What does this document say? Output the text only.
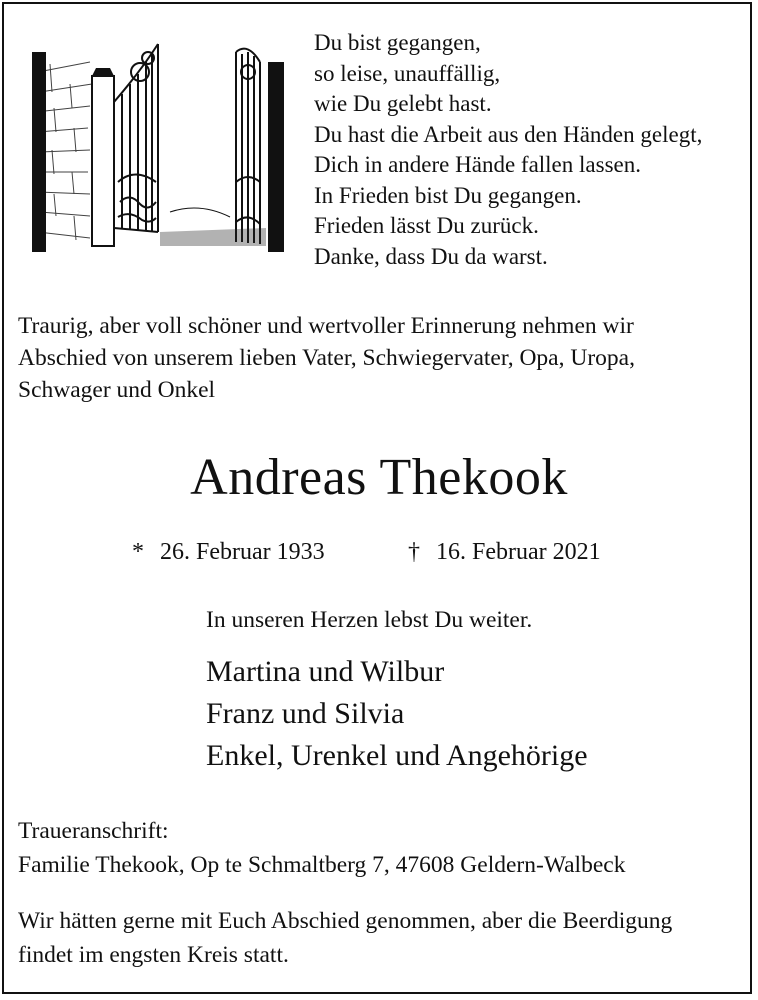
Du bist gegangen,
so leise, unauffällig,
wie Du gelebt hast.
Du hast die Arbeit aus den Händen gelegt,
Dich in andere Hände fallen lassen.
In Frieden bist Du gegangen.
Frieden lässt Du zurück.
Danke, dass Du da warst.
Traurig, aber voll schöner und wertvoller Erinnerung nehmen wir
Abschied von unserem lieben Vater, Schwiegervater, Opa, Uropa,
Schwager und Onkel
Andreas Thekook
* 26. Februar 1933	† 16. Februar 2021
In unseren Herzen lebst Du weiter.
Martina und Wilbur
Franz und Silvia
Enkel, Urenkel und Angehörige
Traueranschrift:
Familie Thekook, Op te Schmaltberg 7, 47608 Geldern-Walbeck
Wir hätten gerne mit Euch Abschied genommen, aber die Beerdigung
findet im engsten Kreis statt.
